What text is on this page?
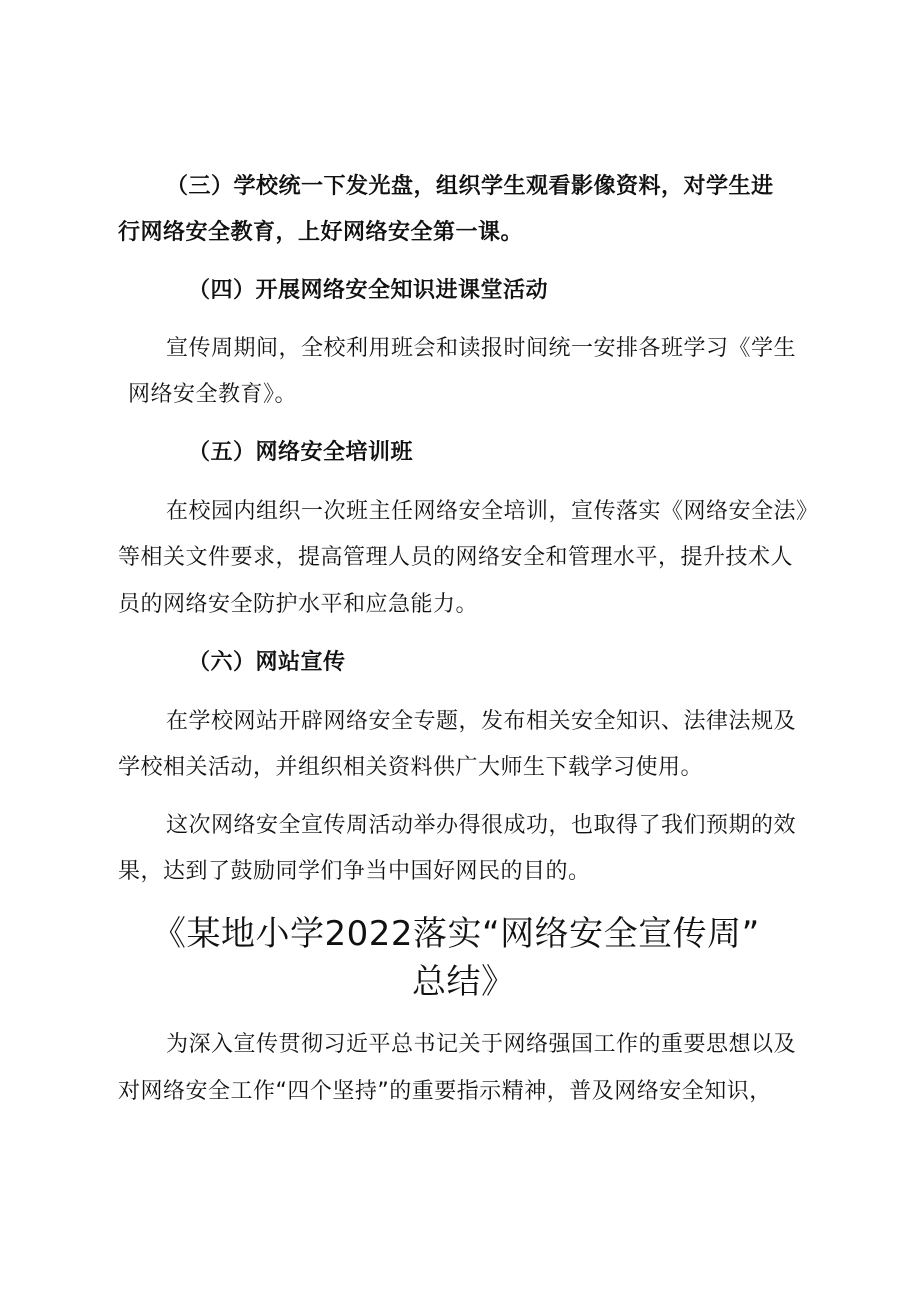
（三）学校统一下发光盘，组织学生观看影像资料，对学生进
行网络安全教育，上好网络安全第一课。
（四）开展网络安全知识进课堂活动
宣传周期间，全校利用班会和读报时间统一安排各班学习《学生
网络安全教育》。
（五）网络安全培训班
在校园内组织一次班主任网络安全培训，宣传落实《网络安全法》
等相关文件要求，提高管理人员的网络安全和管理水平，提升技术人
员的网络安全防护水平和应急能力。
（六）网站宣传
在学校网站开辟网络安全专题，发布相关安全知识、法律法规及
学校相关活动，并组织相关资料供广大师生下载学习使用。
这次网络安全宣传周活动举办得很成功，也取得了我们预期的效
果，达到了鼓励同学们争当中国好网民的目的。
《某地小学2022落实“网络安全宣传周”
总结》
为深入宣传贯彻习近平总书记关于网络强国工作的重要思想以及
对网络安全工作“四个坚持”的重要指示精神，普及网络安全知识，
